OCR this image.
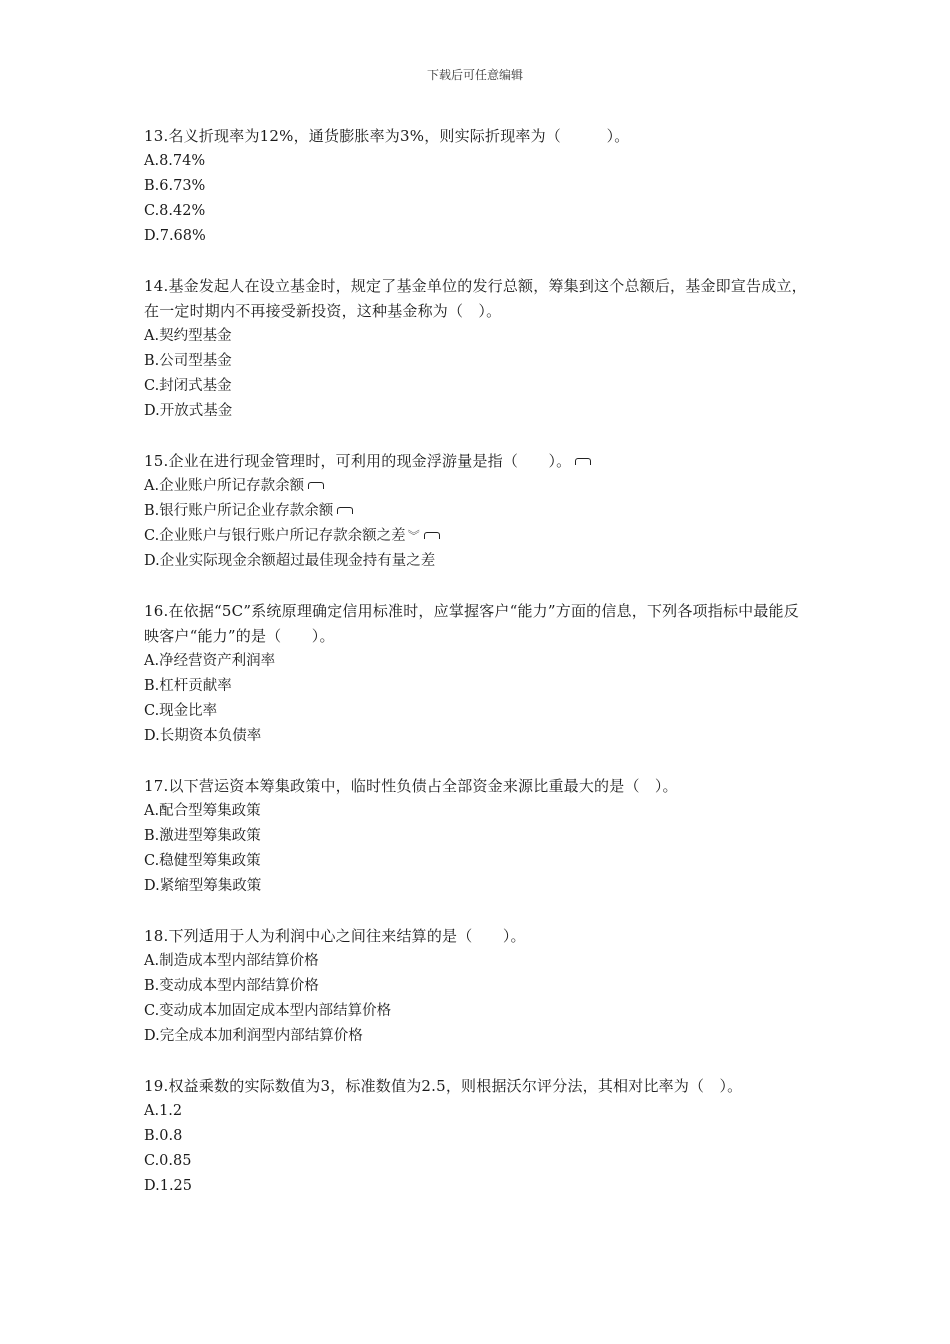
下载后可任意编辑
13.名义折现率为12%，通货膨胀率为3%，则实际折现率为（　　　）。
A.8.74%
B.6.73%
C.8.42%
D.7.68%
14.基金发起人在设立基金时，规定了基金单位的发行总额，筹集到这个总额后，基金即宣告成立，在一定时期内不再接受新投资，这种基金称为（　）。
A.契约型基金
B.公司型基金
C.封闭式基金
D.开放式基金
15.企业在进行现金管理时，可利用的现金浮游量是指（　　）。
A.企业账户所记存款余额
B.银行账户所记企业存款余额
C.企业账户与银行账户所记存款余额之差 ︾
D.企业实际现金余额超过最佳现金持有量之差
16.在依据“5C”系统原理确定信用标准时，应掌握客户“能力”方面的信息，下列各项指标中最能反映客户“能力”的是（　　）。
A.净经营资产利润率
B.杠杆贡献率
C.现金比率
D.长期资本负债率
17.以下营运资本筹集政策中，临时性负债占全部资金来源比重最大的是（　）。
A.配合型筹集政策
B.激进型筹集政策
C.稳健型筹集政策
D.紧缩型筹集政策
18.下列适用于人为利润中心之间往来结算的是（　　）。
A.制造成本型内部结算价格
B.变动成本型内部结算价格
C.变动成本加固定成本型内部结算价格
D.完全成本加利润型内部结算价格
19.权益乘数的实际数值为3，标准数值为2.5，则根据沃尔评分法，其相对比率为（　）。
A.1.2
B.0.8
C.0.85
D.1.25
